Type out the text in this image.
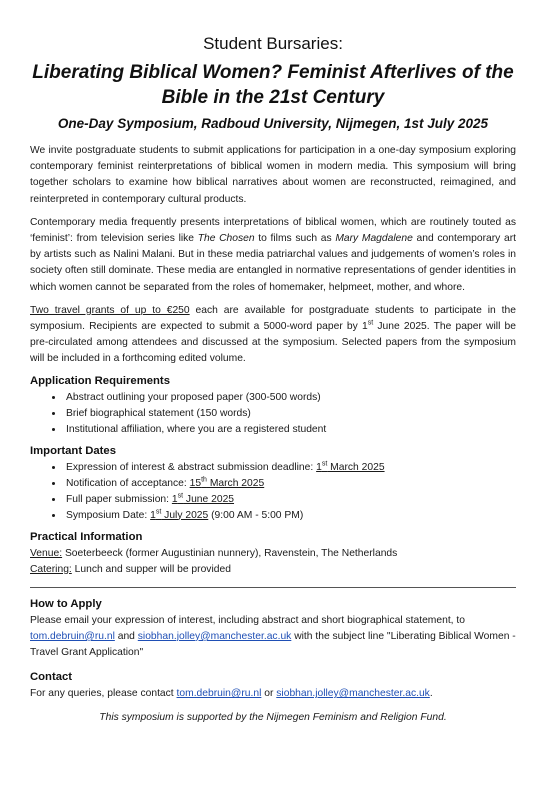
Student Bursaries:
Liberating Biblical Women? Feminist Afterlives of the Bible in the 21st Century
One-Day Symposium, Radboud University, Nijmegen, 1st July 2025

We invite postgraduate students to submit applications for participation in a one-day symposium exploring contemporary feminist reinterpretations of biblical women in modern media. This symposium will bring together scholars to examine how biblical narratives about women are reconstructed, reimagined, and reinterpreted in contemporary cultural products.

Contemporary media frequently presents interpretations of biblical women, which are routinely touted as ‘feminist’: from television series like The Chosen to films such as Mary Magdalene and contemporary art by artists such as Nalini Malani. But in these media patriarchal values and judgements of women’s roles in society often still dominate. These media are entangled in normative representations of gender identities in which women cannot be separated from the roles of homemaker, helpmeet, mother, and whore.

Two travel grants of up to €250 each are available for postgraduate students to participate in the symposium. Recipients are expected to submit a 5000-word paper by 1st June 2025. The paper will be pre-circulated among attendees and discussed at the symposium. Selected papers from the symposium will be included in a forthcoming edited volume.

Application Requirements
• Abstract outlining your proposed paper (300-500 words)
• Brief biographical statement (150 words)
• Institutional affiliation, where you are a registered student
Important Dates
• Expression of interest & abstract submission deadline: 1st March 2025
• Notification of acceptance: 15th March 2025
• Full paper submission: 1st June 2025
• Symposium Date: 1st July 2025 (9:00 AM - 5:00 PM)
Practical Information
Venue: Soeterbeeck (former Augustinian nunnery), Ravenstein, The Netherlands
Catering: Lunch and supper will be provided
How to Apply

Please email your expression of interest, including abstract and short biographical statement, to tom.debruin@ru.nl and siobhan.jolley@manchester.ac.uk with the subject line "Liberating Biblical Women - Travel Grant Application"

Contact
For any queries, please contact tom.debruin@ru.nl or siobhan.jolley@manchester.ac.uk.
This symposium is supported by the Nijmegen Feminism and Religion Fund.
